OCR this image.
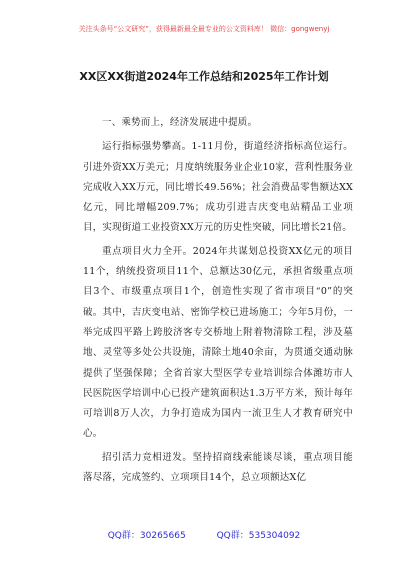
关注头条号“公文研究”，获得最新最全最专业的公文资料库！ 微信：gongwenyj
XX区XX街道2024年工作总结和2025年工作计划

一、乘势而上，经济发展进中提质。

运行指标强势攀高。1-11月份，街道经济指标高位运行。引进外资XX万美元；月度纳统服务业企业10家，营利性服务业完成收入XX万元，同比增长49.56%；社会消费品零售额达XX亿元，同比增幅209.7%；成功引进吉庆变电站精品工业项目，实现街道工业投资XX万元的历史性突破，同比增长21倍。

重点项目火力全开。2024年共谋划总投资XX亿元的项目11个，纳统投资项目11个、总额达30亿元，承担省级重点项目3个、市级重点项目1个，创造性实现了省市项目“0”的突破。其中，吉庆变电站、密饰学校已进场施工；今年5月份，一举完成四平路上跨胶济客专交桥地上附着物清除工程，涉及墓地、灵堂等多处公共设施，清除土地40余亩，为贯通交通动脉提供了坚强保障；全省首家大型医学专业培训综合体潍坊市人民医院医学培训中心已投产建筑面积达1.3万平方米，预计每年可培训8万人次，力争打造成为国内一流卫生人才教育研究中心。

招引活力竞相迸发。坚持招商线索能谈尽谈，重点项目能落尽落，完成签约、立项项目14个，总立项额达X亿

QQ群：30265665	QQ群：535304092
